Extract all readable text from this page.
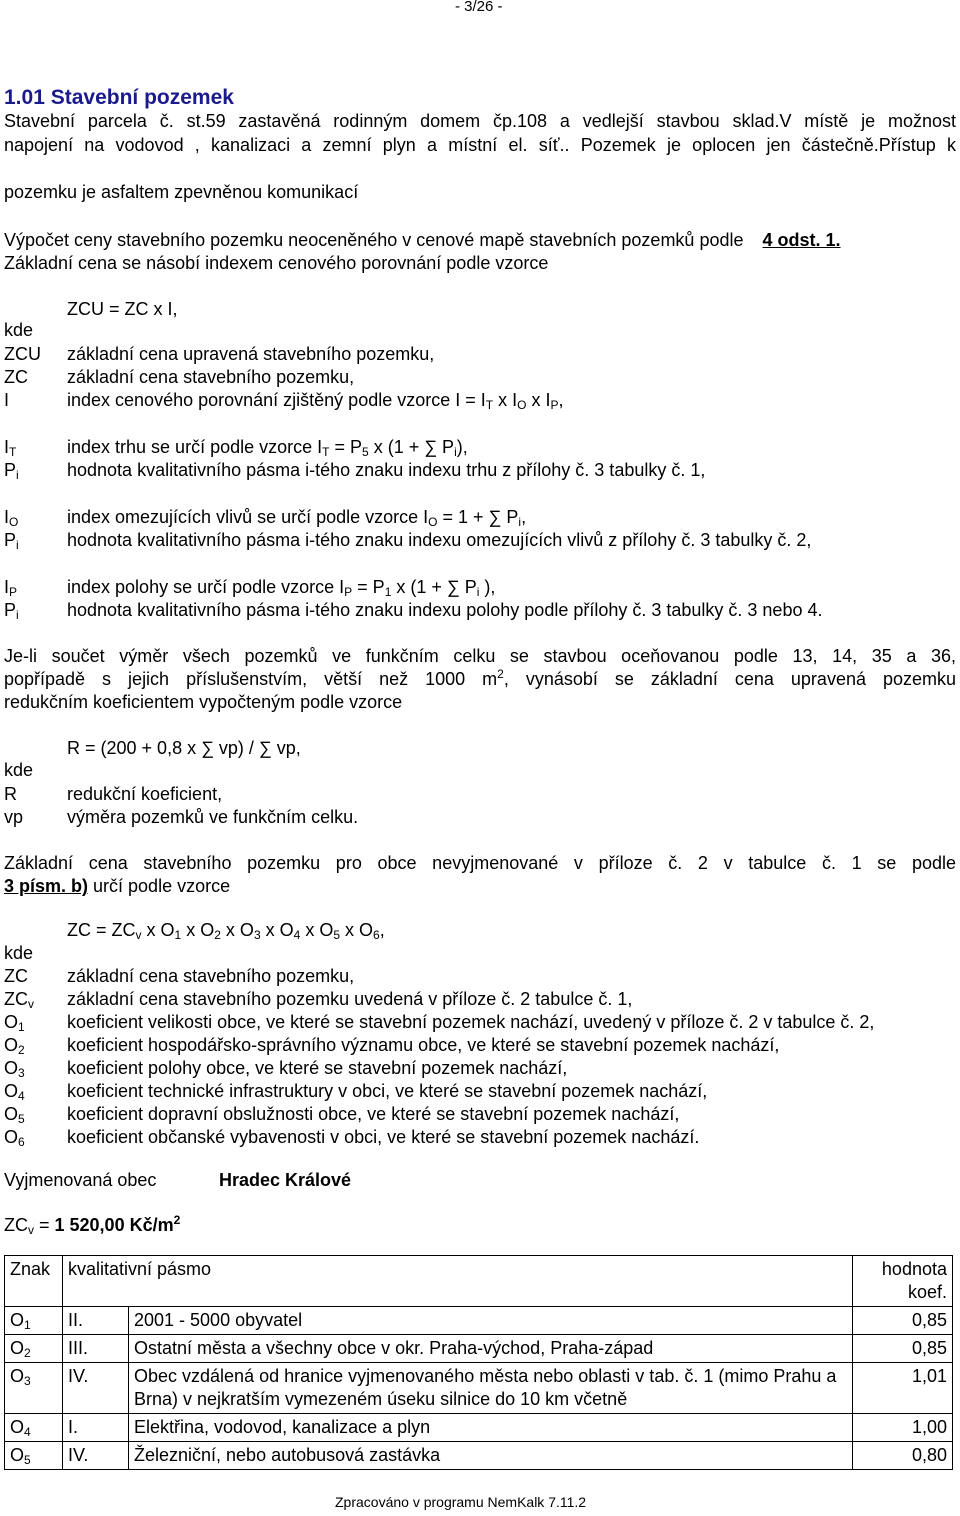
- 3/26 -
1.01 Stavební pozemek
Stavební parcela č. st.59 zastavěná rodinným domem čp.108 a vedlejší stavbou sklad.V místě je možnost
napojení na vodovod , kanalizaci a zemní plyn a místní el. síť.. Pozemek je oplocen jen částečně.Přístup k
pozemku je asfaltem zpevněnou komunikací
Výpočet ceny stavebního pozemku neoceněného v cenové mapě stavebních pozemků podle 4 odst. 1.
Základní cena se násobí indexem cenového porovnání podle vzorce
ZCU = ZC x I,
kde
ZCU základní cena upravená stavebního pozemku,
ZC základní cena stavebního pozemku,
I	index cenového porovnání zjištěný podle vzorce $I = I_T$ x $I_O$ x $I_P$,
$I_T$	index trhu se určí podle vzorce $I_T = P_5$ x (1 + ∑ $P_i$),
$P_i$	hodnota kvalitativního pásma i-tého znaku indexu trhu z přílohy č. 3 tabulky č. 1,
$I_O$	index omezujících vlivů se určí podle vzorce $I_O = 1$ + ∑ $P_i$,
$P_i$	hodnota kvalitativního pásma i-tého znaku indexu omezujících vlivů z přílohy č. 3 tabulky č. 2,
$I_P$	index polohy se určí podle vzorce $I_P = P_1$ x (1 + ∑ $P_i$ ),
$P_i$	hodnota kvalitativního pásma i-tého znaku indexu polohy podle přílohy č. 3 tabulky č. 3 nebo 4.
Je-li součet výměr všech pozemků ve funkčním celku se stavbou oceňovanou podle 13, 14, 35 a 36,
popřípadě s jejich příslušenstvím, větší než 1000 $m^2$, vynásobí se základní cena upravená pozemku
redukčním koeficientem vypočteným podle vzorce
R = (200 + 0,8 x ∑ vp) / ∑ vp,
kde
R	redukční koeficient,
vp výměra pozemků ve funkčním celku.
Základní cena stavebního pozemku pro obce nevyjmenované v příloze č. 2 v tabulce č. 1 se podle
3 písm. b) určí podle vzorce
ZC = $ZC_v$ x $O_1$ x $O_2$ x $O_3$ x $O_4$ x $O_5$ x $O_6$,
kde
ZC základní cena stavebního pozemku,
$ZC_v$ základní cena stavebního pozemku uvedená v příloze č. 2 tabulce č. 1,
$O_1$ koeficient velikosti obce, ve které se stavební pozemek nachází, uvedený v příloze č. 2 v tabulce č. 2,
$O_2$ koeficient hospodářsko-správního významu obce, ve které se stavební pozemek nachází,
$O_3$ koeficient polohy obce, ve které se stavební pozemek nachází,
$O_4$ koeficient technické infrastruktury v obci, ve které se stavební pozemek nachází,
$O_5$ koeficient dopravní obslužnosti obce, ve které se stavební pozemek nachází,
$O_6$ koeficient občanské vybavenosti v obci, ve které se stavební pozemek nachází.
Vyjmenovaná obec	Hradec Králové
$ZC_v = 1$ 520,00 $Kč/m^2$
Znak	kvalitativní pásmo		hodnota koef.
$O_1$	II.	2001 - 5000 obyvatel	0,85
$O_2$	III.	Ostatní města a všechny obce v okr. Praha-východ, Praha-západ	0,85
$O_3$	IV.	Obec vzdálená od hranice vyjmenovaného města nebo oblasti v tab. č. 1 (mimo Prahu a Brna) v nejkratším vymezeném úseku silnice do 10 km včetně	1,01
$O_4$	I.	Elektřina, vodovod, kanalizace a plyn	1,00
$O_5$	IV.	Železniční, nebo autobusová zastávka	0,80
Zpracováno v programu NemKalk 7.11.2
